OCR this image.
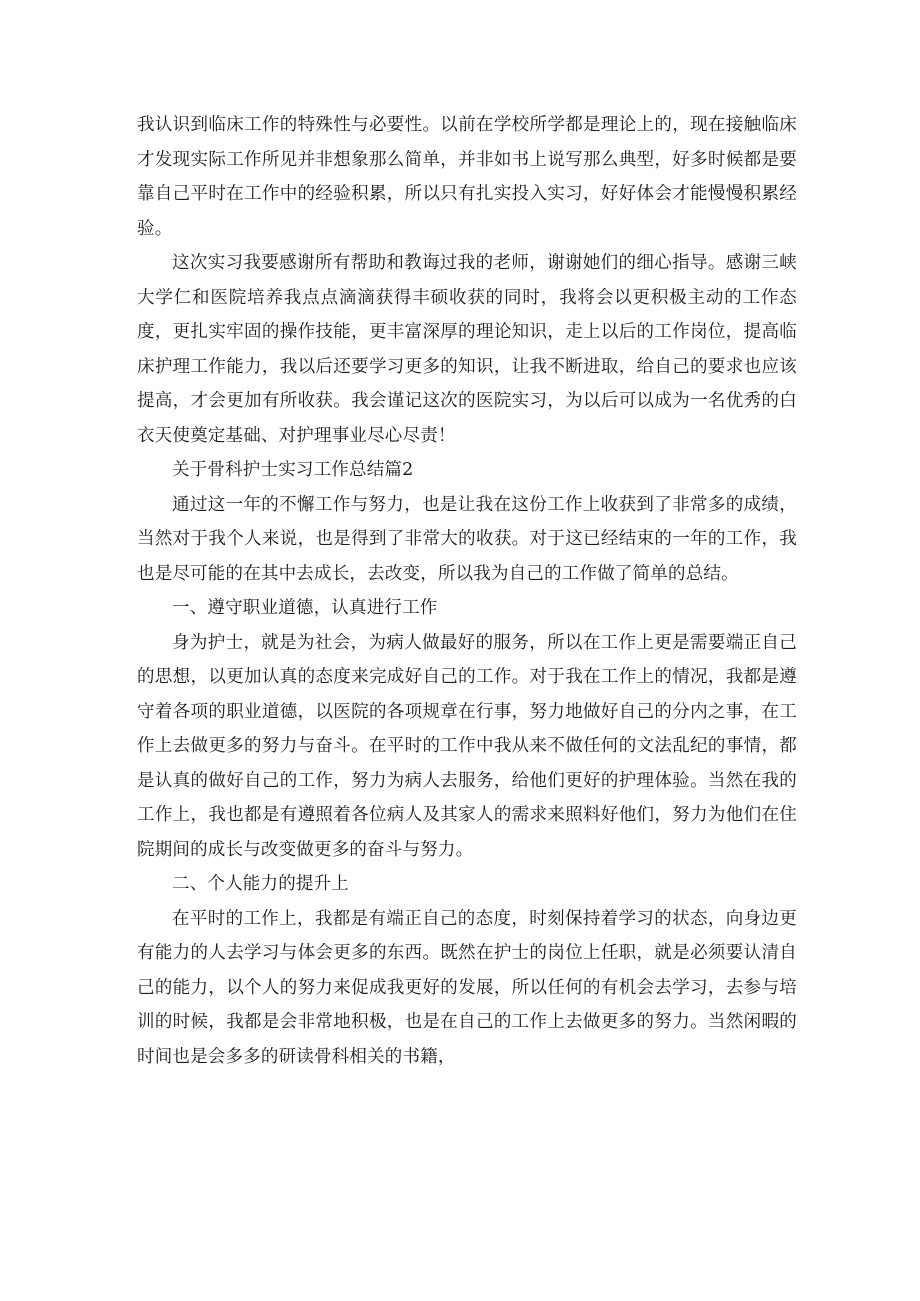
我认识到临床工作的特殊性与必要性。以前在学校所学都是理论上的，现在接触临床才发现实际工作所见并非想象那么简单，并非如书上说写那么典型，好多时候都是要靠自己平时在工作中的经验积累，所以只有扎实投入实习，好好体会才能慢慢积累经验。

这次实习我要感谢所有帮助和教诲过我的老师，谢谢她们的细心指导。感谢三峡大学仁和医院培养我点点滴滴获得丰硕收获的同时，我将会以更积极主动的工作态度，更扎实牢固的操作技能，更丰富深厚的理论知识，走上以后的工作岗位，提高临床护理工作能力，我以后还要学习更多的知识，让我不断进取，给自己的要求也应该提高，才会更加有所收获。我会谨记这次的医院实习，为以后可以成为一名优秀的白衣天使奠定基础、对护理事业尽心尽责！

关于骨科护士实习工作总结篇2

通过这一年的不懈工作与努力，也是让我在这份工作上收获到了非常多的成绩，当然对于我个人来说，也是得到了非常大的收获。对于这已经结束的一年的工作，我也是尽可能的在其中去成长，去改变，所以我为自己的工作做了简单的总结。

一、遵守职业道德，认真进行工作

身为护士，就是为社会，为病人做最好的服务，所以在工作上更是需要端正自己的思想，以更加认真的态度来完成好自己的工作。对于我在工作上的情况，我都是遵守着各项的职业道德，以医院的各项规章在行事，努力地做好自己的分内之事，在工作上去做更多的努力与奋斗。在平时的工作中我从来不做任何的文法乱纪的事情，都是认真的做好自己的工作，努力为病人去服务，给他们更好的护理体验。当然在我的工作上，我也都是有遵照着各位病人及其家人的需求来照料好他们，努力为他们在住院期间的成长与改变做更多的奋斗与努力。

二、个人能力的提升上

在平时的工作上，我都是有端正自己的态度，时刻保持着学习的状态，向身边更有能力的人去学习与体会更多的东西。既然在护士的岗位上任职，就是必须要认清自己的能力，以个人的努力来促成我更好的发展，所以任何的有机会去学习，去参与培训的时候，我都是会非常地积极，也是在自己的工作上去做更多的努力。当然闲暇的时间也是会多多的研读骨科相关的书籍，
